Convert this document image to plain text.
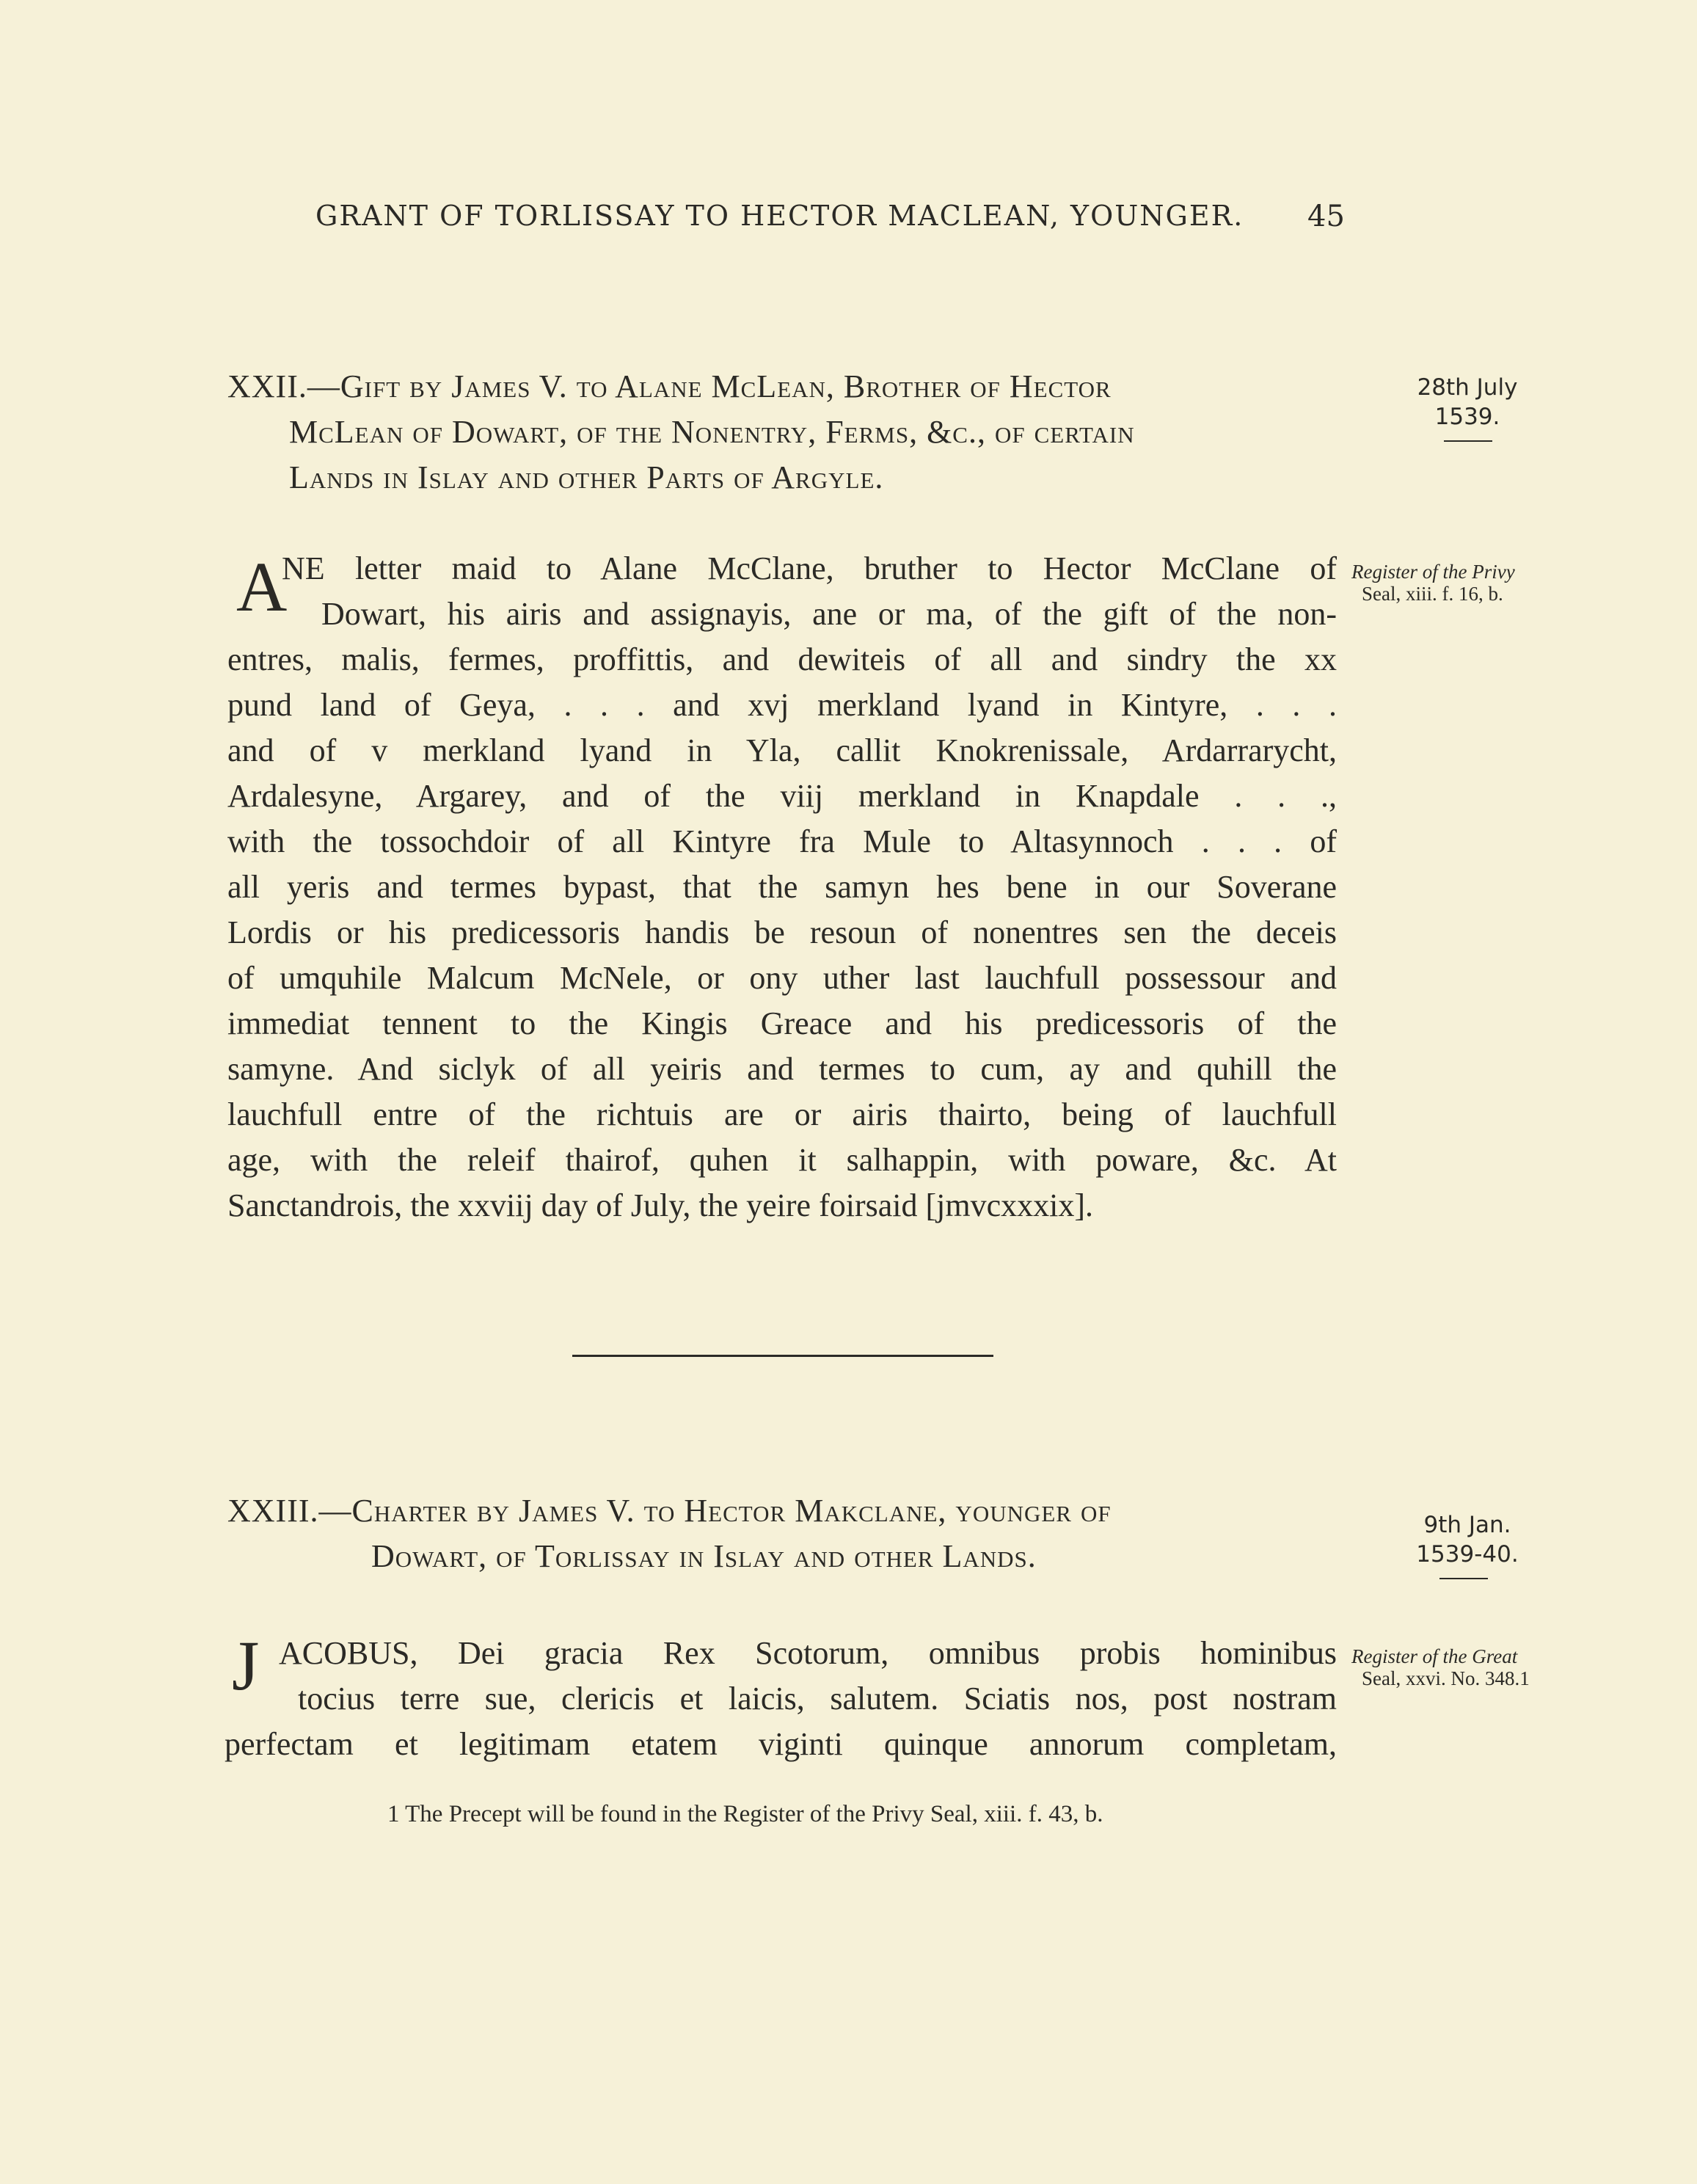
GRANT OF TORLISSAY TO HECTOR MACLEAN, YOUNGER.	45
XXII.—Gift by James V. to Alane McLean, Brother of Hector
McLean of Dowart, of the Nonentry, Ferms, &c., of certain
Lands in Islay and other Parts of Argyle.
28th July
1539.
Register of the Privy
Seal, xiii. f. 16, b.
A
NE letter maid to Alane McClane, bruther to Hector McClane of
Dowart, his airis and assignayis, ane or ma, of the gift of the non-
entres, malis, fermes, proffittis, and dewiteis of all and sindry the xx
pund land of Geya, . . . and xvj merkland lyand in Kintyre, . . .
and of v merkland lyand in Yla, callit Knokrenissale, Ardarrarycht,
Ardalesyne, Argarey, and of the viij merkland in Knapdale . . .,
with the tossochdoir of all Kintyre fra Mule to Altasynnoch . . . of
all yeris and termes bypast, that the samyn hes bene in our Soverane
Lordis or his predicessoris handis be resoun of nonentres sen the deceis
of umquhile Malcum McNele, or ony uther last lauchfull possessour and
immediat tennent to the Kingis Greace and his predicessoris of the
samyne. And siclyk of all yeiris and termes to cum, ay and quhill the
lauchfull entre of the richtuis are or airis thairto, being of lauchfull
age, with the releif thairof, quhen it salhappin, with poware, &c. At
Sanctandrois, the xxviij day of July, the yeire foirsaid [jmvcxxxix].
XXIII.—Charter by James V. to Hector Makclane, younger of
Dowart, of Torlissay in Islay and other Lands.
9th Jan.
1539-40.
Register of the Great
Seal, xxvi. No. 348.1
J ACOBUS, Dei gracia Rex Scotorum, omnibus probis hominibus
tocius terre sue, clericis et laicis, salutem. Sciatis nos, post nostram
perfectam et legitimam etatem viginti quinque annorum completam,
1 The Precept will be found in the Register of the Privy Seal, xiii. f. 43, b.
